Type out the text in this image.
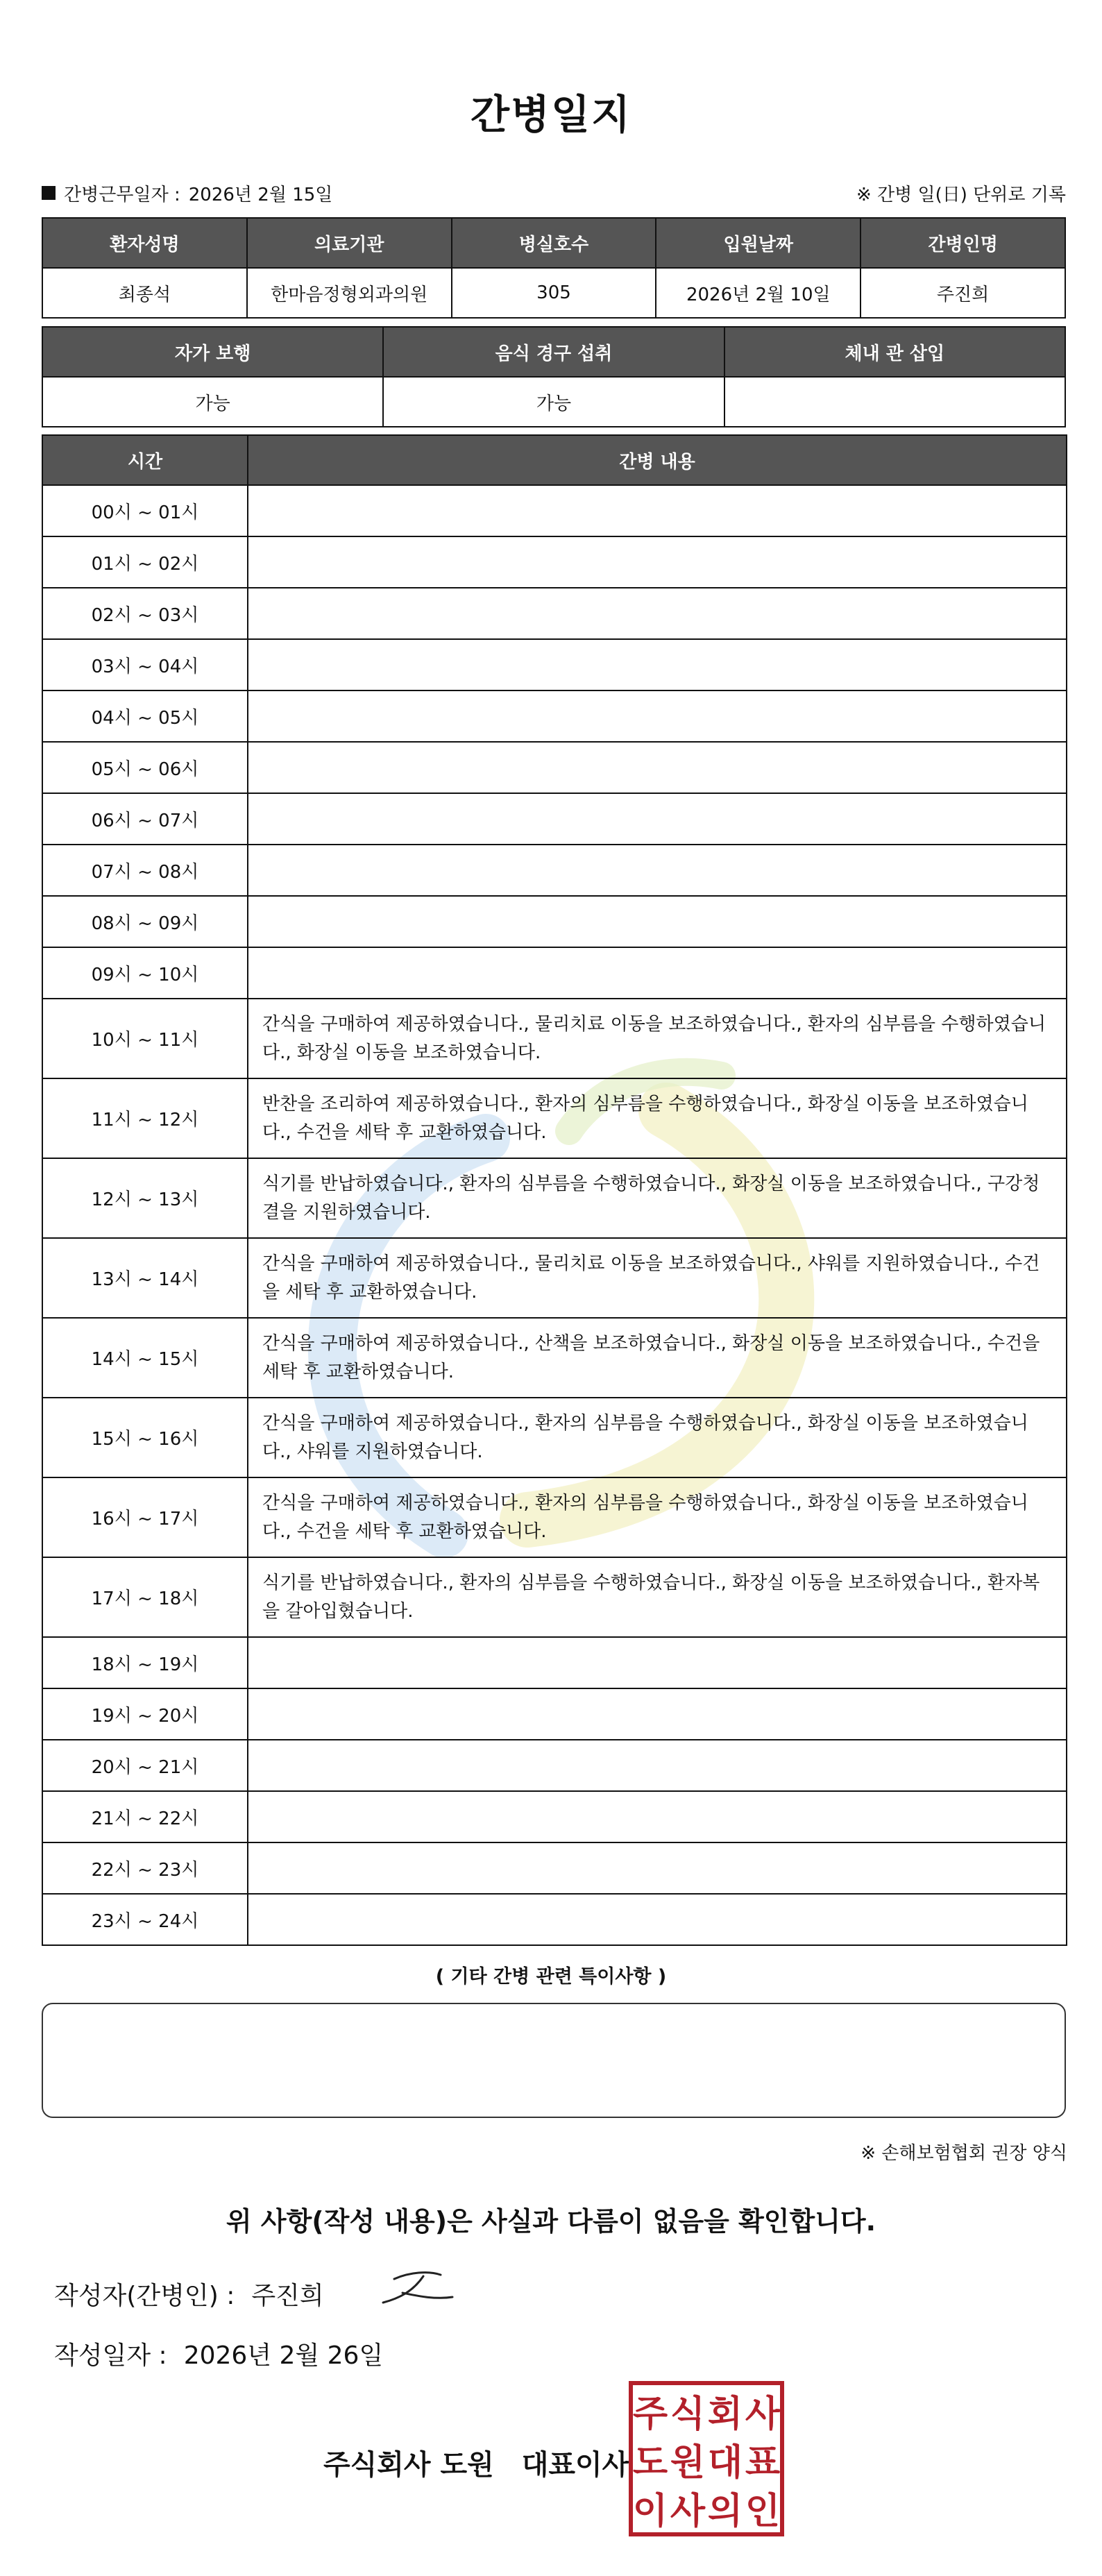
간병일지
간병근무일자 : 2026년 2월 15일	※ 간병 일(日) 단위로 기록
환자성명	의료기관	병실호수	입원날짜	간병인명
최종석	한마음정형외과의원	305	2026년 2월 10일	주진희
자가 보행	음식 경구 섭취	체내 관 삽입
가능	가능	
시간	간병 내용
00시 ~ 01시	
01시 ~ 02시	
02시 ~ 03시	
03시 ~ 04시	
04시 ~ 05시	
05시 ~ 06시	
06시 ~ 07시	
07시 ~ 08시	
08시 ~ 09시	
09시 ~ 10시	
10시 ~ 11시	간식을 구매하여 제공하였습니다., 물리치료 이동을 보조하였습니다., 환자의 심부름을 수행하였습니다., 화장실 이동을 보조하였습니다.
11시 ~ 12시	반찬을 조리하여 제공하였습니다., 환자의 심부름을 수행하였습니다., 화장실 이동을 보조하였습니다., 수건을 세탁 후 교환하였습니다.
12시 ~ 13시	식기를 반납하였습니다., 환자의 심부름을 수행하였습니다., 화장실 이동을 보조하였습니다., 구강청결을 지원하였습니다.
13시 ~ 14시	간식을 구매하여 제공하였습니다., 물리치료 이동을 보조하였습니다., 샤워를 지원하였습니다., 수건을 세탁 후 교환하였습니다.
14시 ~ 15시	간식을 구매하여 제공하였습니다., 산책을 보조하였습니다., 화장실 이동을 보조하였습니다., 수건을 세탁 후 교환하였습니다.
15시 ~ 16시	간식을 구매하여 제공하였습니다., 환자의 심부름을 수행하였습니다., 화장실 이동을 보조하였습니다., 샤워를 지원하였습니다.
16시 ~ 17시	간식을 구매하여 제공하였습니다., 환자의 심부름을 수행하였습니다., 화장실 이동을 보조하였습니다., 수건을 세탁 후 교환하였습니다.
17시 ~ 18시	식기를 반납하였습니다., 환자의 심부름을 수행하였습니다., 화장실 이동을 보조하였습니다., 환자복을 갈아입혔습니다.
18시 ~ 19시	
19시 ~ 20시	
20시 ~ 21시	
21시 ~ 22시	
22시 ~ 23시	
23시 ~ 24시	
( 기타 간병 관련 특이사항 )
※ 손해보험협회 권장 양식
위 사항(작성 내용)은 사실과 다름이 없음을 확인합니다.
작성자(간병인) : 주진희
작성일자 : 2026년 2월 26일
주식회사 도원 대표이사
주 식 회 사
도 원 대 표
이 사 의 인
